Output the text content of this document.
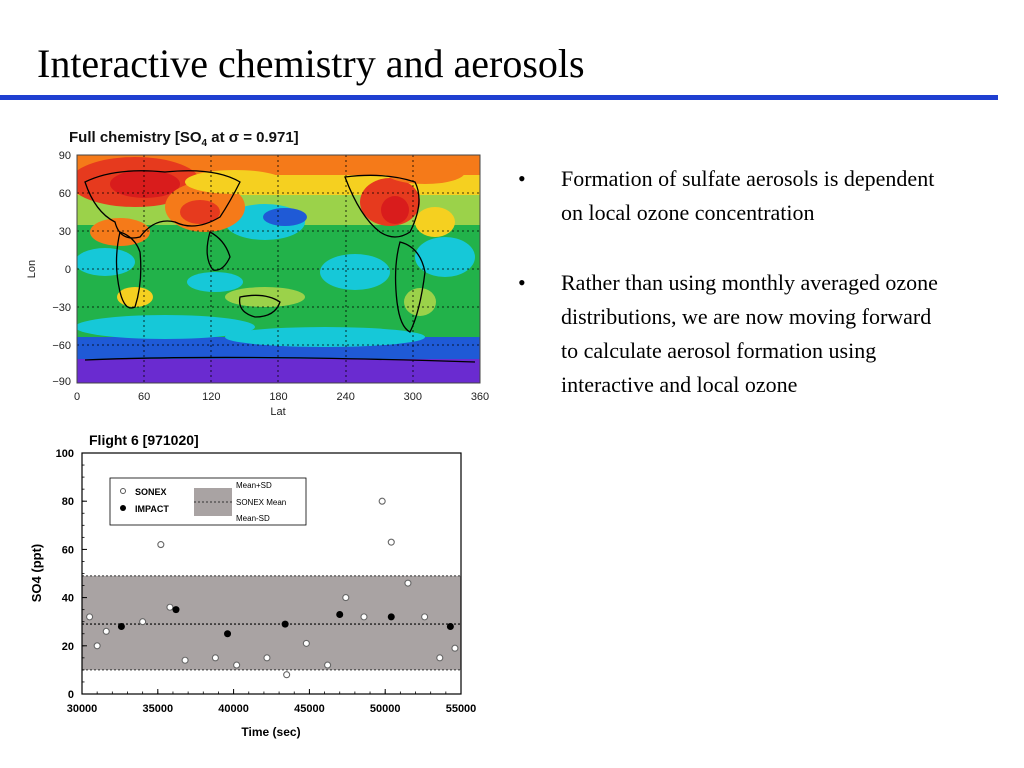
Interactive chemistry and aerosols
Full chemistry [$SO_4$ at σ = 0.971]
90
60
30
0
−30
−60
−90
0	60	120	180	240	300	360
Lat
Lon
Flight 6 [971020]
30000	35000	40000	45000	50000	55000
0
20
40
60
80
100
SONEX
IMPACT
Mean+SD
SONEX Mean
Mean-SD
Time (sec)
SO4 (ppt)
• Formation of sulfate aerosols is dependent on local ozone concentration
• Rather than using monthly averaged ozone distributions, we are now moving forward to calculate aerosol formation using interactive and local ozone
